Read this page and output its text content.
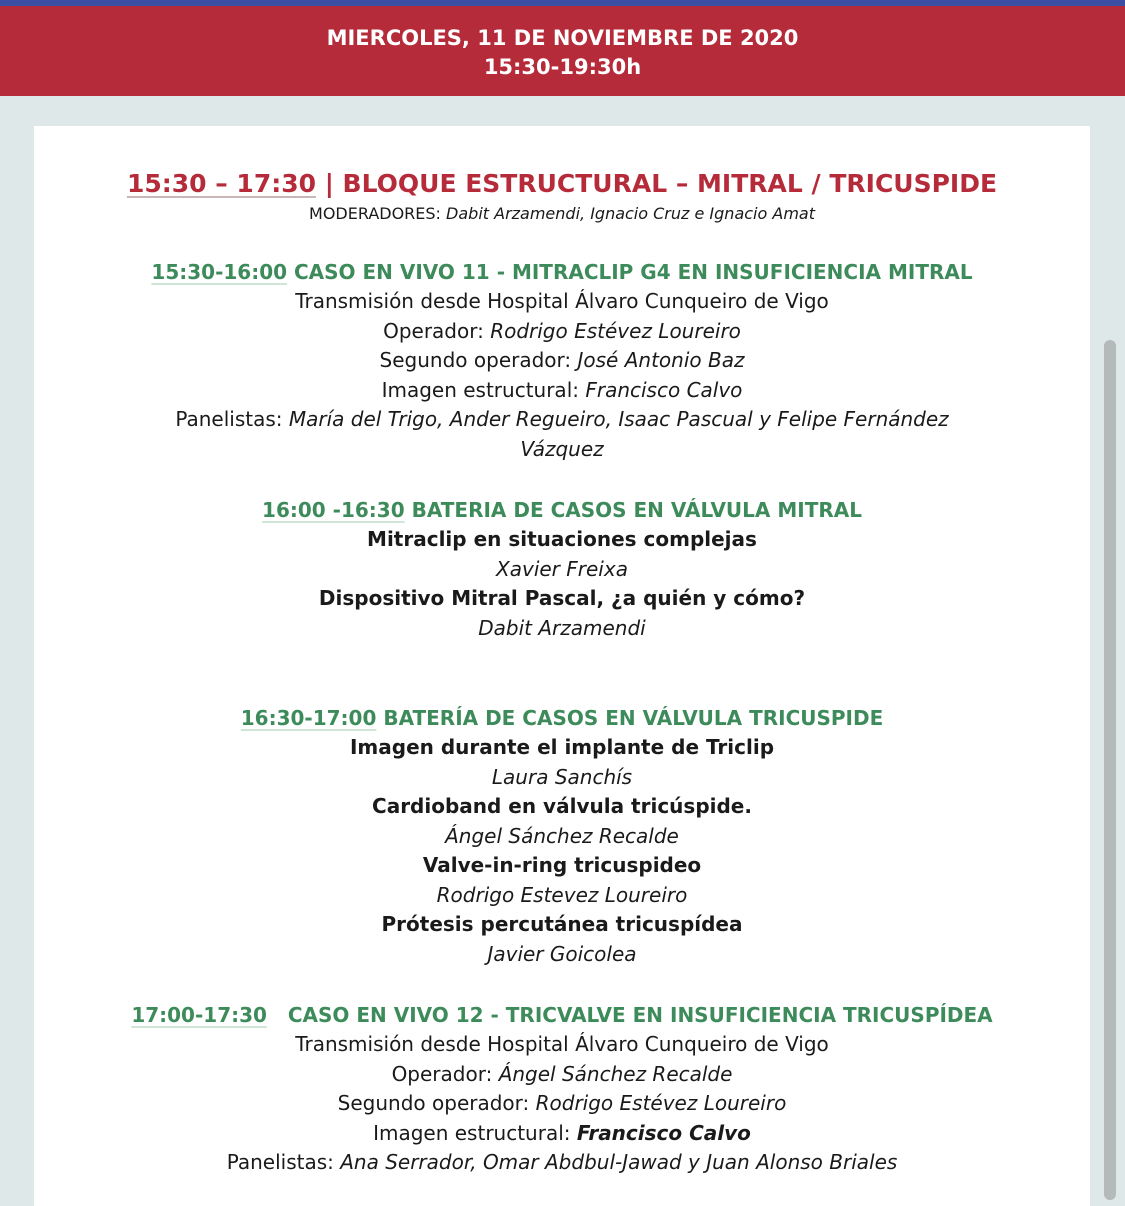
MIERCOLES, 11 DE NOVIEMBRE DE 2020
15:30-19:30h
15:30 – 17:30 | BLOQUE ESTRUCTURAL – MITRAL / TRICUSPIDE
MODERADORES: Dabit Arzamendi, Ignacio Cruz e Ignacio Amat
15:30-16:00 CASO EN VIVO 11 - MITRACLIP G4 EN INSUFICIENCIA MITRAL
Transmisión desde Hospital Álvaro Cunqueiro de Vigo
Operador: Rodrigo Estévez Loureiro
Segundo operador: José Antonio Baz
Imagen estructural: Francisco Calvo
Panelistas: María del Trigo, Ander Regueiro, Isaac Pascual y Felipe Fernández
Vázquez
16:00 -16:30 BATERIA DE CASOS EN VÁLVULA MITRAL
Mitraclip en situaciones complejas
Xavier Freixa
Dispositivo Mitral Pascal, ¿a quién y cómo?
Dabit Arzamendi
16:30-17:00 BATERÍA DE CASOS EN VÁLVULA TRICUSPIDE
Imagen durante el implante de Triclip
Laura Sanchís
Cardioband en válvula tricúspide.
Ángel Sánchez Recalde
Valve-in-ring tricuspideo
Rodrigo Estevez Loureiro
Prótesis percutánea tricuspídea
Javier Goicolea
17:00-17:30   CASO EN VIVO 12 - TRICVALVE EN INSUFICIENCIA TRICUSPÍDEA
Transmisión desde Hospital Álvaro Cunqueiro de Vigo
Operador: Ángel Sánchez Recalde
Segundo operador: Rodrigo Estévez Loureiro
Imagen estructural: Francisco Calvo
Panelistas: Ana Serrador, Omar Abdbul-Jawad y Juan Alonso Briales
